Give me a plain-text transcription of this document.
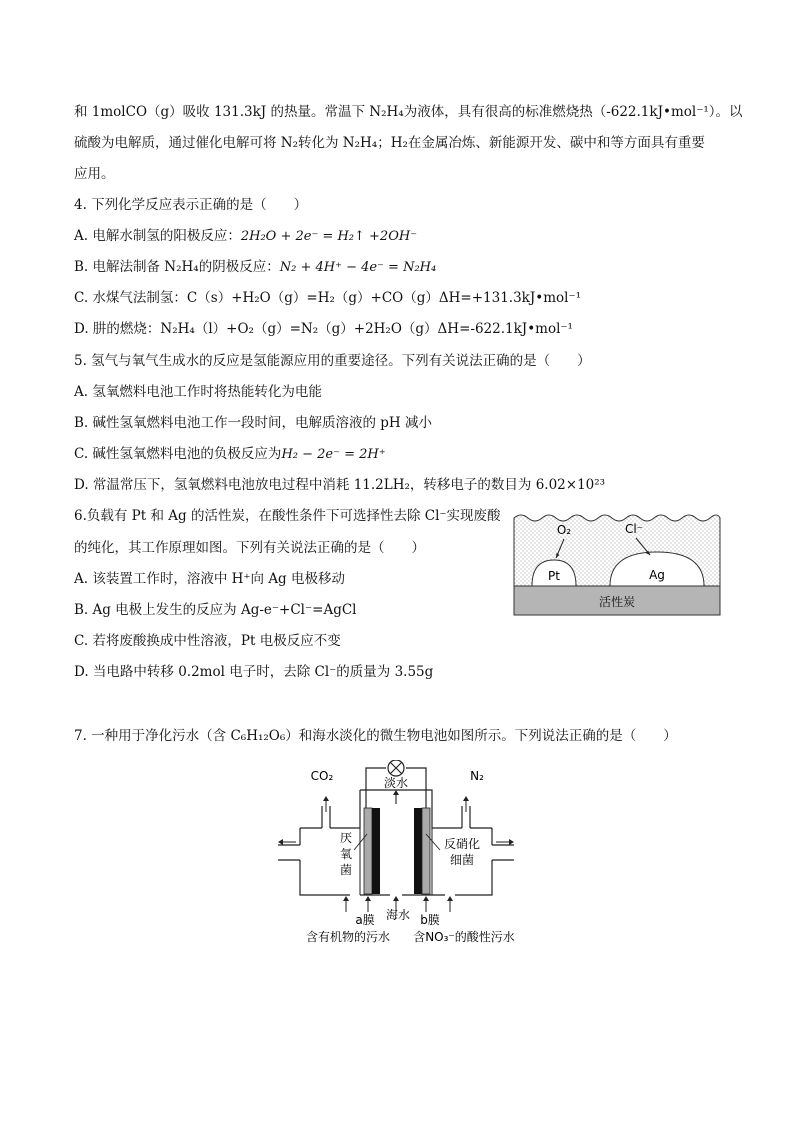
和 1molCO（g）吸收 131.3kJ 的热量。常温下 N₂H₄为液体，具有很高的标准燃烧热（-622.1kJ•mol⁻¹）。以
硫酸为电解质，通过催化电解可将 N₂转化为 N₂H₄；H₂在金属冶炼、新能源开发、碳中和等方面具有重要
应用。
4. 下列化学反应表示正确的是（　　）
A. 电解水制氢的阳极反应：2H₂O + 2e⁻ = H₂↑ +2OH⁻
B. 电解法制备 N₂H₄的阴极反应：N₂ + 4H⁺ − 4e⁻ = N₂H₄
C. 水煤气法制氢：C（s）+H₂O（g）=H₂（g）+CO（g）ΔH=+131.3kJ•mol⁻¹
D. 肼的燃烧：N₂H₄（l）+O₂（g）=N₂（g）+2H₂O（g）ΔH=-622.1kJ•mol⁻¹
5. 氢气与氧气生成水的反应是氢能源应用的重要途径。下列有关说法正确的是（　　）
A. 氢氧燃料电池工作时将热能转化为电能
B. 碱性氢氧燃料电池工作一段时间，电解质溶液的 pH 减小
C. 碱性氢氧燃料电池的负极反应为H₂ − 2e⁻ = 2H⁺
D. 常温常压下，氢氧燃料电池放电过程中消耗 11.2LH₂，转移电子的数目为 6.02×10²³
6.负载有 Pt 和 Ag 的活性炭，在酸性条件下可选择性去除 Cl⁻实现废酸
的纯化，其工作原理如图。下列有关说法正确的是（　　）
A. 该装置工作时，溶液中 H⁺向 Ag 电极移动
B. Ag 电极上发生的反应为 Ag-e⁻+Cl⁻=AgCl
C. 若将废酸换成中性溶液，Pt 电极反应不变
D. 当电路中转移 0.2mol 电子时，去除 Cl⁻的质量为 3.55g
活性炭
Pt	Ag
O₂	Cl⁻
7. 一种用于净化污水（含 C₆H₁₂O₆）和海水淡化的微生物电池如图所示。下列说法正确的是（　　）
淡水
CO₂	N₂
厌
氧
菌
反硝化
细菌
a膜 海水 b膜
含有机物的污水 含NO₃⁻的酸性污水
